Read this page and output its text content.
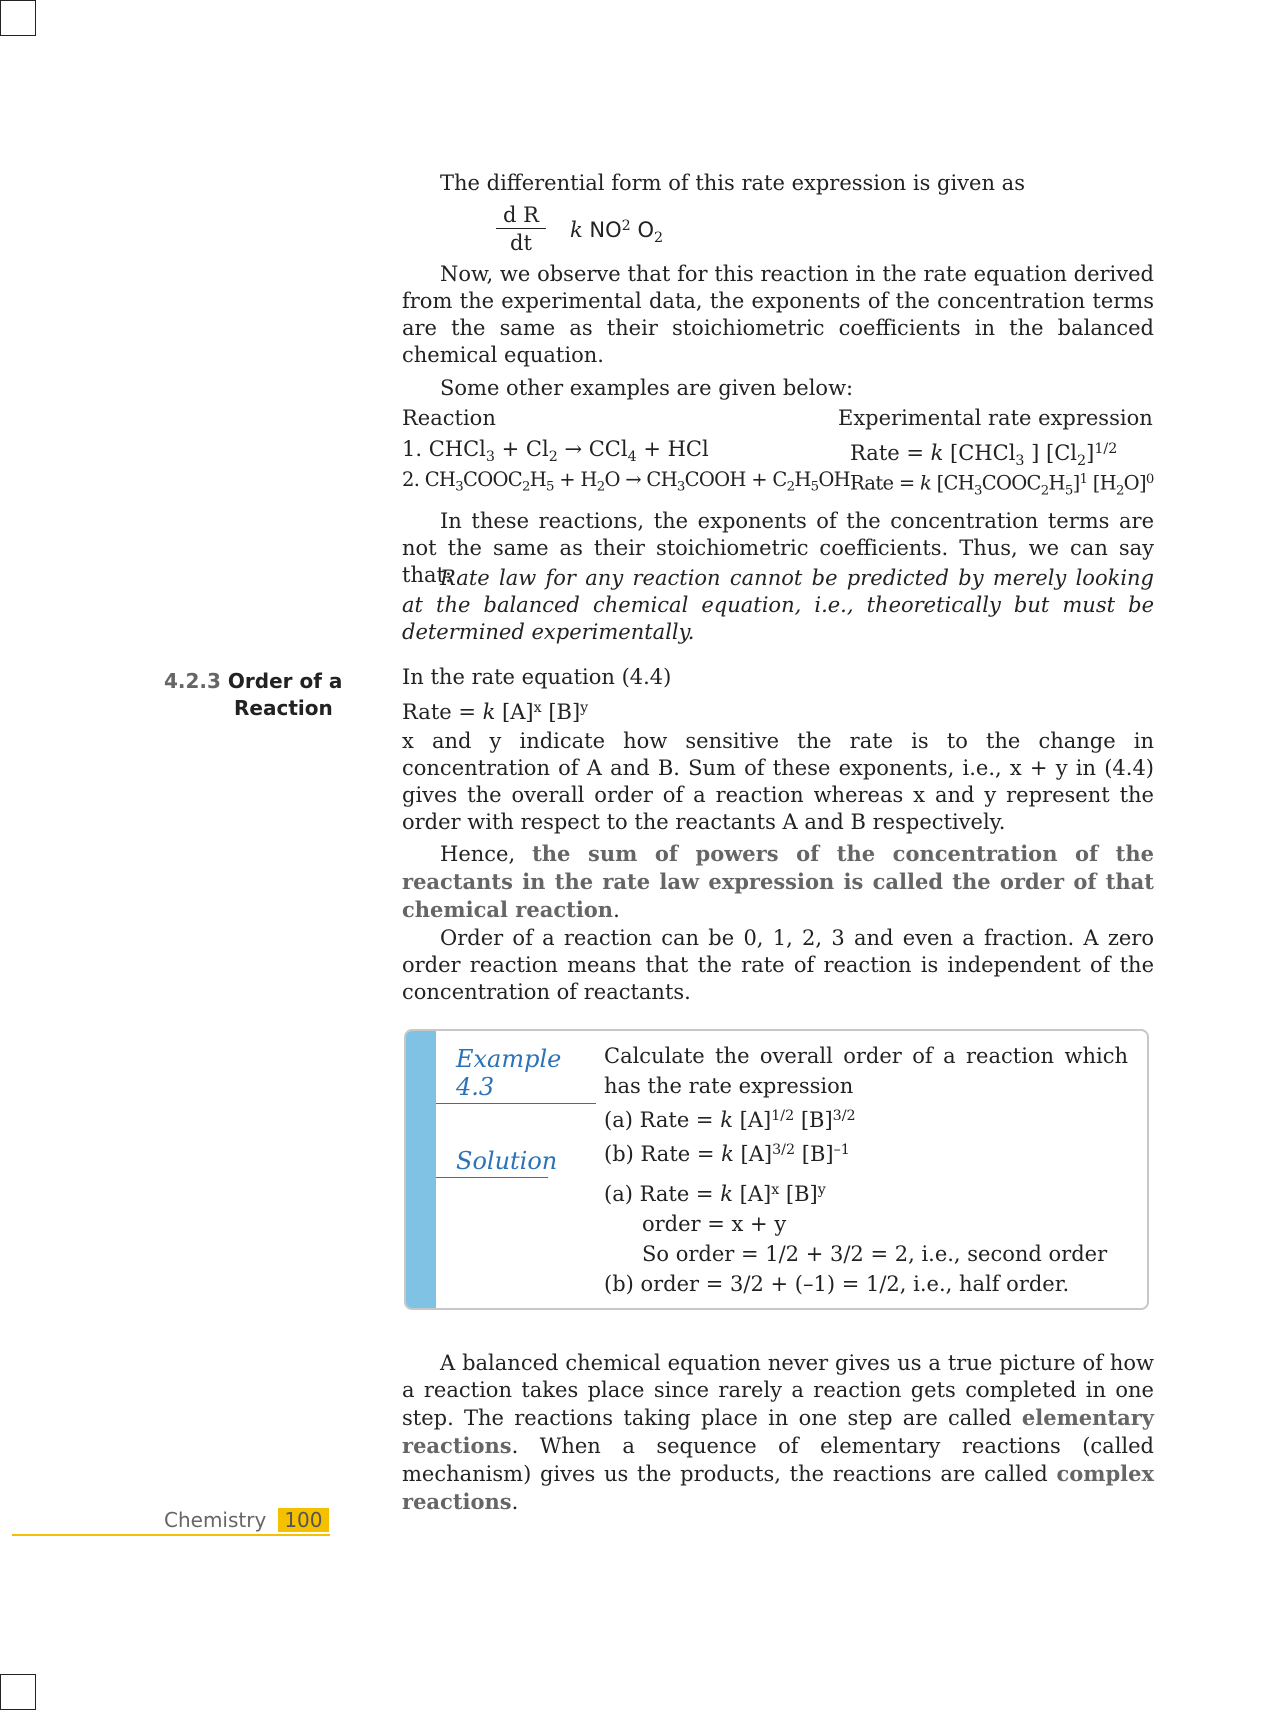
The differential form of this rate expression is given as

$\frac{\text{d R}}{dt}$ k $NO^2$ $O_2$

Now, we observe that for this reaction in the rate equation derived from the experimental data, the exponents of the concentration terms are the same as their stoichiometric coefficients in the balanced chemical equation.

Some other examples are given below:

Reaction	Experimental rate expression
1. CHCl$_3$ + $Cl_2 \to CCl_4$ + HCl	Rate = k [CHCl$_3$ ] $[Cl_2]^{1/2}$
2. $CH_3COOC_2H_5 + H_2O$ → $CH_3COOH + C_2H_5OH$ Rate = k $[CH_3COOC_2H_5]^1$ $[H_2O]^0$

In these reactions, the exponents of the concentration terms are not the same as their stoichiometric coefficients. Thus, we can say that:

Rate law for any reaction cannot be predicted by merely looking at the balanced chemical equation, i.e., theoretically but must be determined experimentally.

4.2.3 Order of a
Reaction

In the rate equation (4.4)

Rate = k $[A]^x$ $[B]^y$

x and y indicate how sensitive the rate is to the change in concentration of A and B. Sum of these exponents, i.e., x + y in (4.4) gives the overall order of a reaction whereas x and y represent the order with respect to the reactants A and B respectively.

Hence, the sum of powers of the concentration of the reactants in the rate law expression is called the order of that chemical reaction.

Order of a reaction can be 0, 1, 2, 3 and even a fraction. A zero order reaction means that the rate of reaction is independent of the concentration of reactants.

Example 4.3
Solution

Calculate the overall order of a reaction which has the rate expression

(a) Rate = k $[A]^{1/2}$ $[B]^{3/2}$
(b) Rate = k $[A]^{3/2}$ $[B]^{-1}$
(a) Rate = k $[A]^x$ $[B]^y$
order = x + y
So order = 1/2 + 3/2 = 2, i.e., second order
(b) order = 3/2 + (–1) = 1/2, i.e., half order.

A balanced chemical equation never gives us a true picture of how a reaction takes place since rarely a reaction gets completed in one step. The reactions taking place in one step are called elementary reactions. When a sequence of elementary reactions (called mechanism) gives us the products, the reactions are called complex reactions.

Chemistry 100
